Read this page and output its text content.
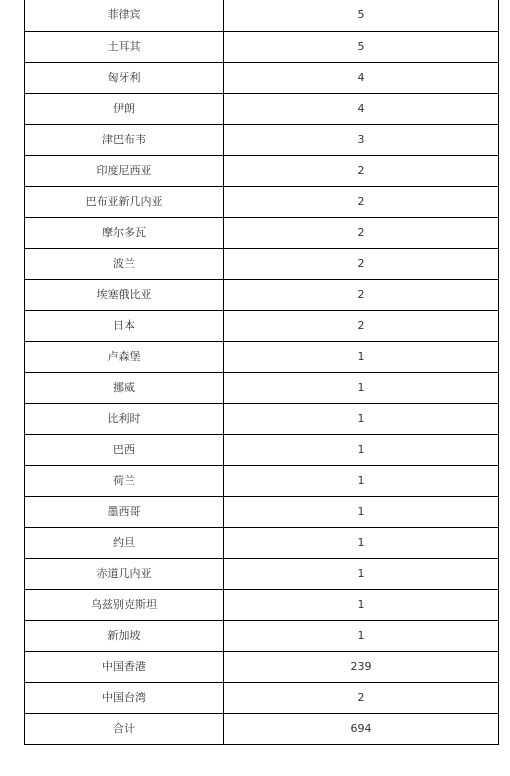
菲律宾	5
土耳其	5
匈牙利	4
伊朗	4
津巴布韦	3
印度尼西亚	2
巴布亚新几内亚	2
摩尔多瓦	2
波兰	2
埃塞俄比亚	2
日本	2
卢森堡	1
挪威	1
比利时	1
巴西	1
荷兰	1
墨西哥	1
约旦	1
赤道几内亚	1
乌兹别克斯坦	1
新加坡	1
中国香港	239
中国台湾	2
合计	694
